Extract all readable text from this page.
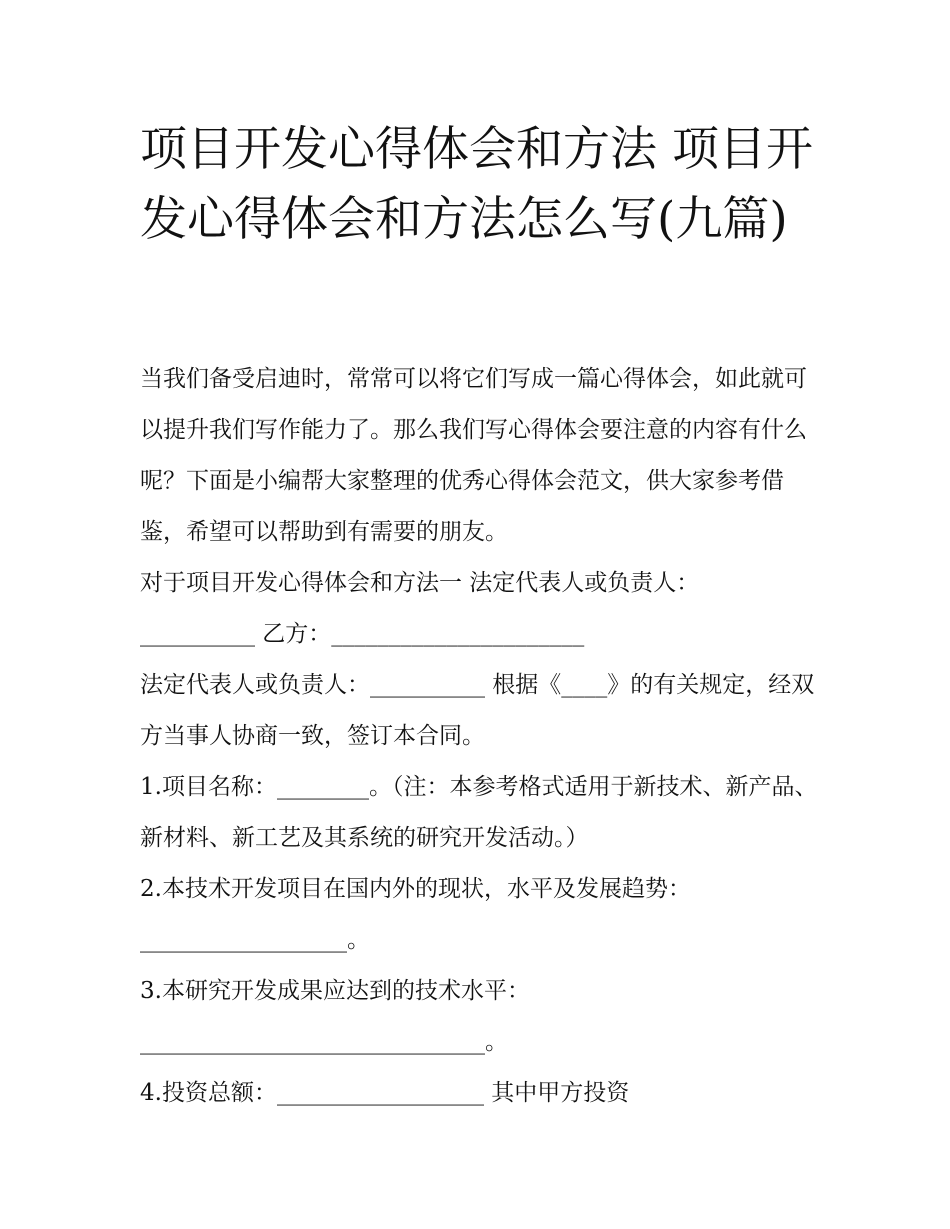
项目开发心得体会和方法 项目开发心得体会和方法怎么写(九篇)

当我们备受启迪时，常常可以将它们写成一篇心得体会，如此就可以提升我们写作能力了。那么我们写心得体会要注意的内容有什么呢？下面是小编帮大家整理的优秀心得体会范文，供大家参考借鉴，希望可以帮助到有需要的朋友。

对于项目开发心得体会和方法一 法定代表人或负责人：

__________ 乙方：______________________

法定代表人或负责人：__________ 根据《____》的有关规定，经双方当事人协商一致，签订本合同。

1.项目名称：________。（注：本参考格式适用于新技术、新产品、新材料、新工艺及其系统的研究开发活动。）

2.本技术开发项目在国内外的现状，水平及发展趋势：

__________________。

3.本研究开发成果应达到的技术水平：

______________________________。

4.投资总额：__________________ 其中甲方投资
